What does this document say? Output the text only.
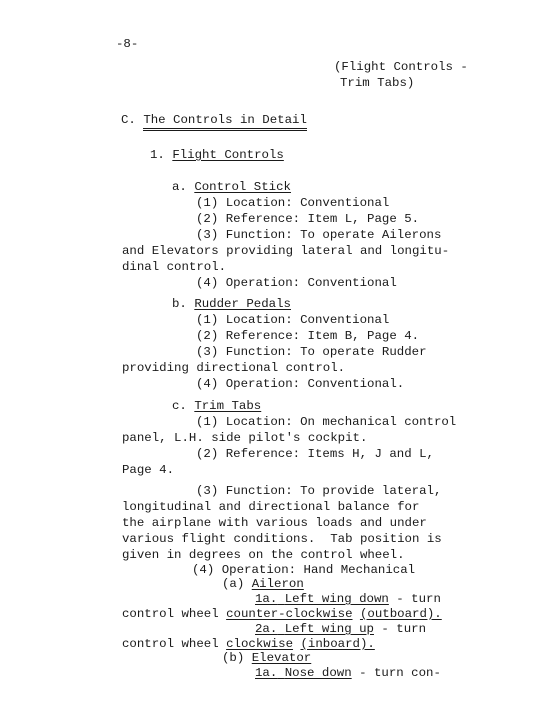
-8-
(Flight Controls -
Trim Tabs)
C. The Controls in Detail
1. Flight Controls
a. Control Stick
(1) Location: Conventional
(2) Reference: Item L, Page 5.
(3) Function: To operate Ailerons
and Elevators providing lateral and longitu-
dinal control.
(4) Operation: Conventional
b. Rudder Pedals
(1) Location: Conventional
(2) Reference: Item B, Page 4.
(3) Function: To operate Rudder
providing directional control.
(4) Operation: Conventional.
c. Trim Tabs
(1) Location: On mechanical control
panel, L.H. side pilot's cockpit.
(2) Reference: Items H, J and L,
Page 4.
(3) Function: To provide lateral,
longitudinal and directional balance for
the airplane with various loads and under
various flight conditions.  Tab position is
given in degrees on the control wheel.
(4) Operation: Hand Mechanical
(a) Aileron
1a. Left wing down - turn
control wheel counter-clockwise (outboard).
2a. Left wing up - turn
control wheel clockwise (inboard).
(b) Elevator
1a. Nose down - turn con-
